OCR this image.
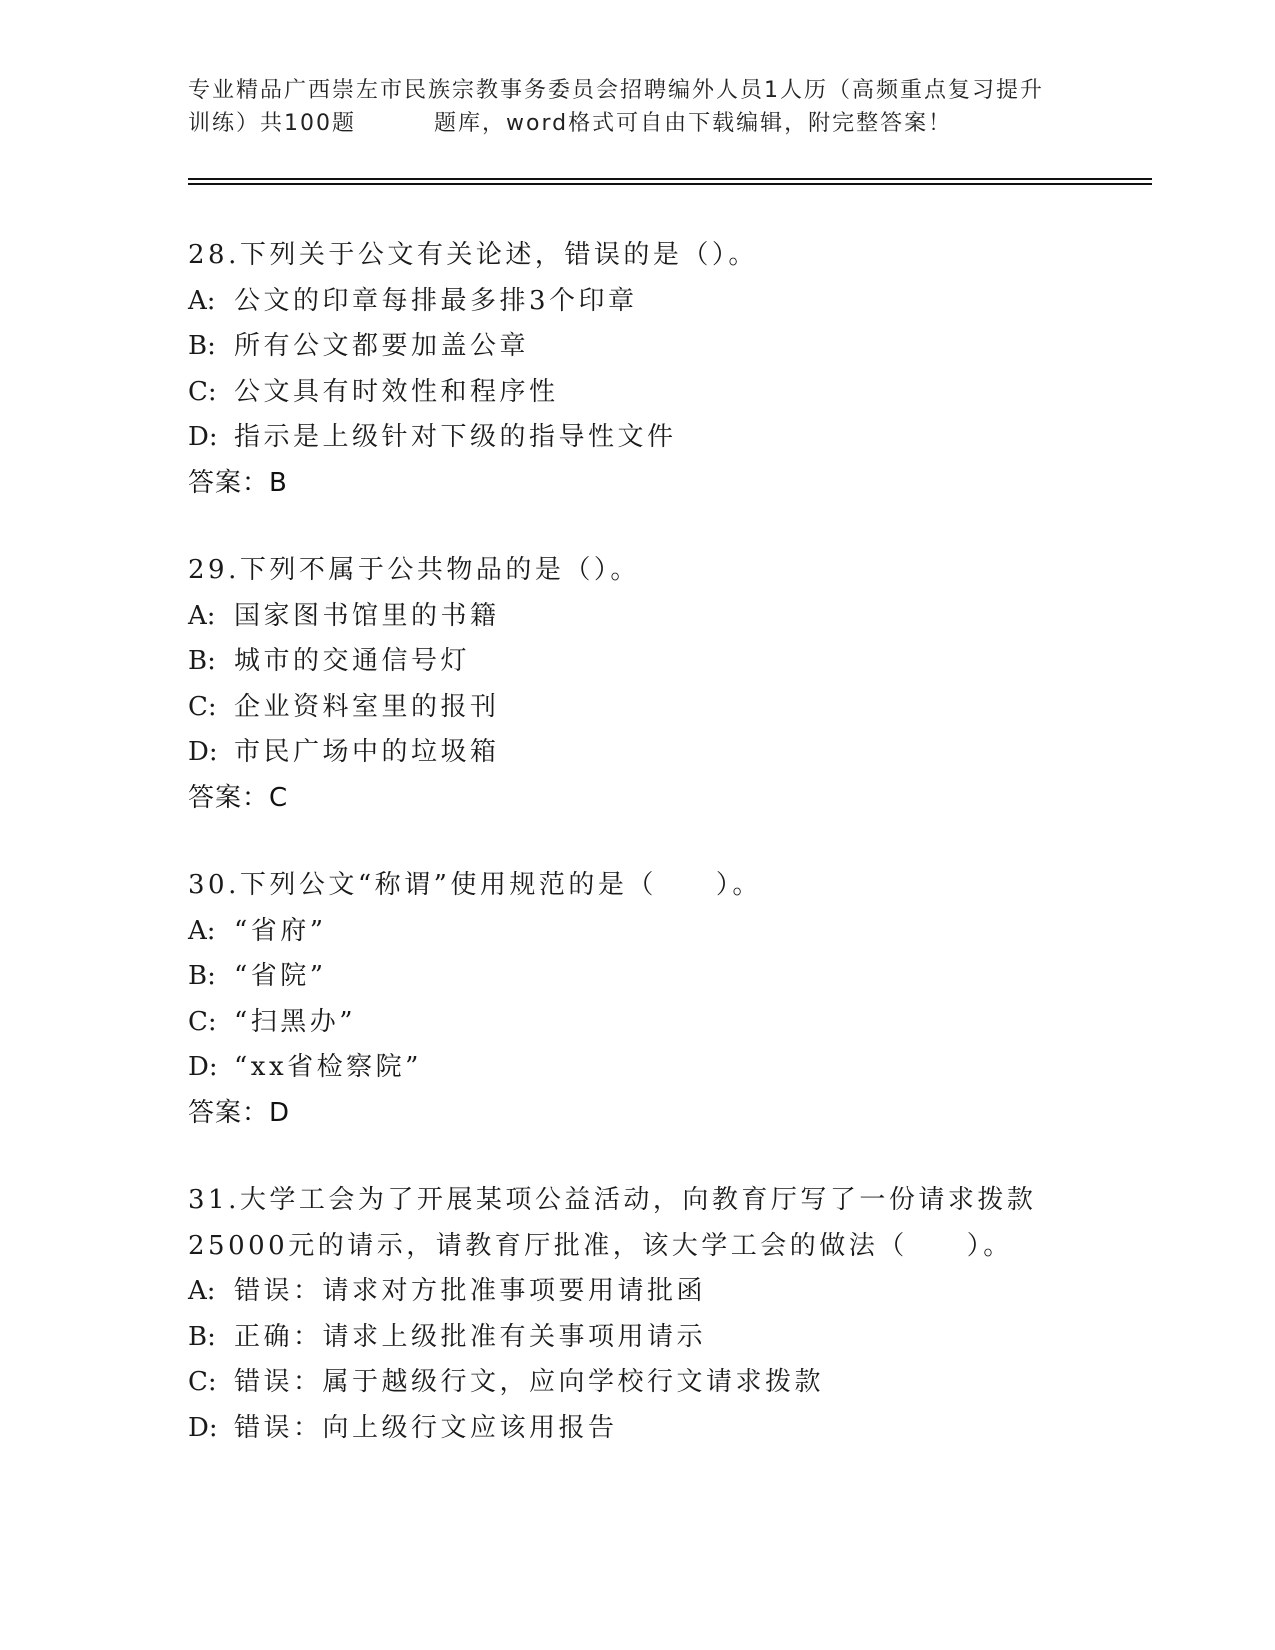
专业精品广西崇左市民族宗教事务委员会招聘编外人员1人历（高频重点复习提升
训练）共100题	题库，word格式可自由下载编辑，附完整答案！
28.下列关于公文有关论述，错误的是（）。
A: 公文的印章每排最多排3个印章
B: 所有公文都要加盖公章
C: 公文具有时效性和程序性
D: 指示是上级针对下级的指导性文件
答案：B
29.下列不属于公共物品的是（）。
A: 国家图书馆里的书籍
B: 城市的交通信号灯
C: 企业资料室里的报刊
D: 市民广场中的垃圾箱
答案：C
30.下列公文“称谓”使用规范的是（　　）。
A: “省府”
B: “省院”
C: “扫黑办”
D: “xx省检察院”
答案：D
31.大学工会为了开展某项公益活动，向教育厅写了一份请求拨款
25000元的请示，请教育厅批准，该大学工会的做法（　　）。
A: 错误：请求对方批准事项要用请批函
B: 正确：请求上级批准有关事项用请示
C: 错误：属于越级行文，应向学校行文请求拨款
D: 错误：向上级行文应该用报告
